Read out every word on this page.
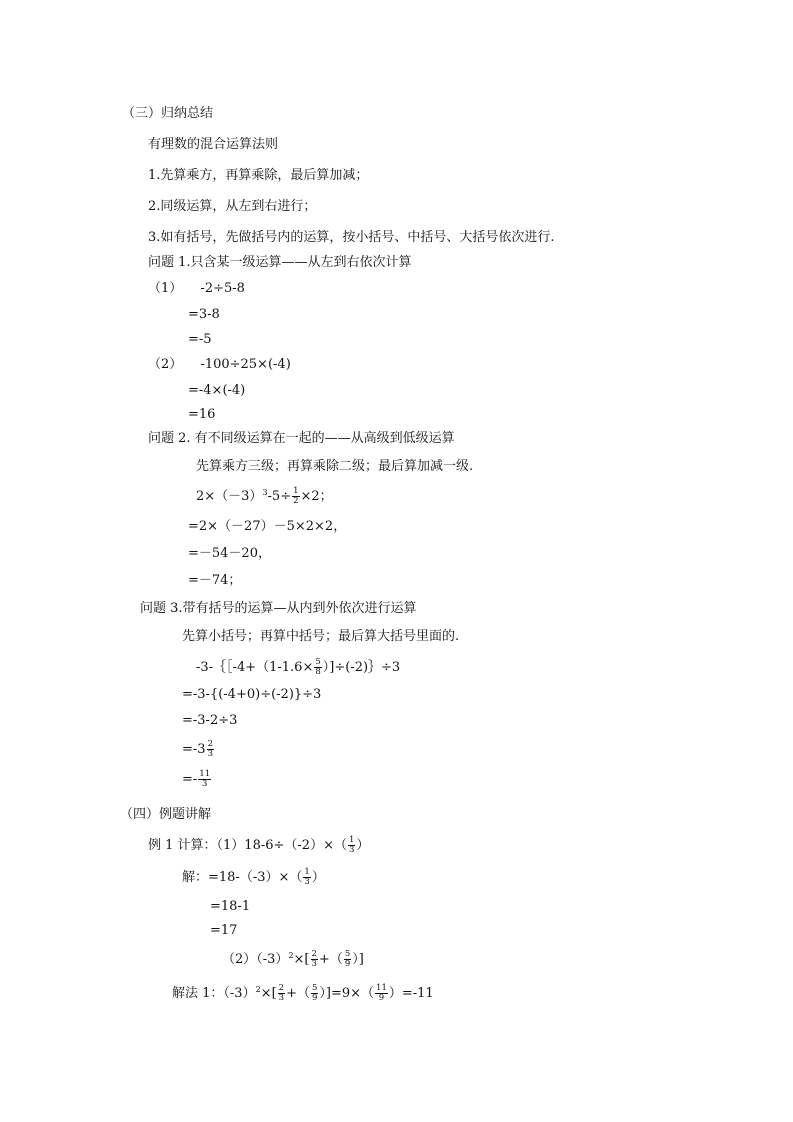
（三）归纳总结
有理数的混合运算法则
1.先算乘方，再算乘除，最后算加减；
2.同级运算，从左到右进行；
3.如有括号，先做括号内的运算，按小括号、中括号、大括号依次进行.
问题 1.只含某一级运算——从左到右依次计算
（1） -2÷5-8
=3-8
=-5
（2） -100÷25×(-4)
=-4×(-4)
=16
问题 2. 有不同级运算在一起的——从高级到低级运算
先算乘方三级；再算乘除二级；最后算加减一级.
$2\times(-3)^3-5\div \frac{1}{2} \times 2$；
=2×（－27）－5×2×2，
=－54－20，
=－74；
问题 3.带有括号的运算—从内到外依次进行运算
先算小括号；再算中括号；最后算大括号里面的.
-3-｛［-4+（1-1.6× $\frac{5}{8}$ ）]÷(-2)｝÷3
=-3-{(-4+0)÷(-2)}÷3
=-3-2÷3
$=-3 \frac{2}{3}$
=- $\frac{11}{3}$
（四）例题讲解
例 1 计算：$(1)18-6\div(-2)\times( \frac{1}{3}$ ）
解：$=18-(-3)\times( \frac{1}{3}$ ）
=18-1
=17
$(2)(-3)^2\times[ \frac{2}{3}$ +（ $\frac{5}{9}$ ）]
解法 1：$(-3)^2\times[ \frac{2}{3}$ +（ $\frac{5}{9} )]=9\times( \frac{11}{9} )=-11$
